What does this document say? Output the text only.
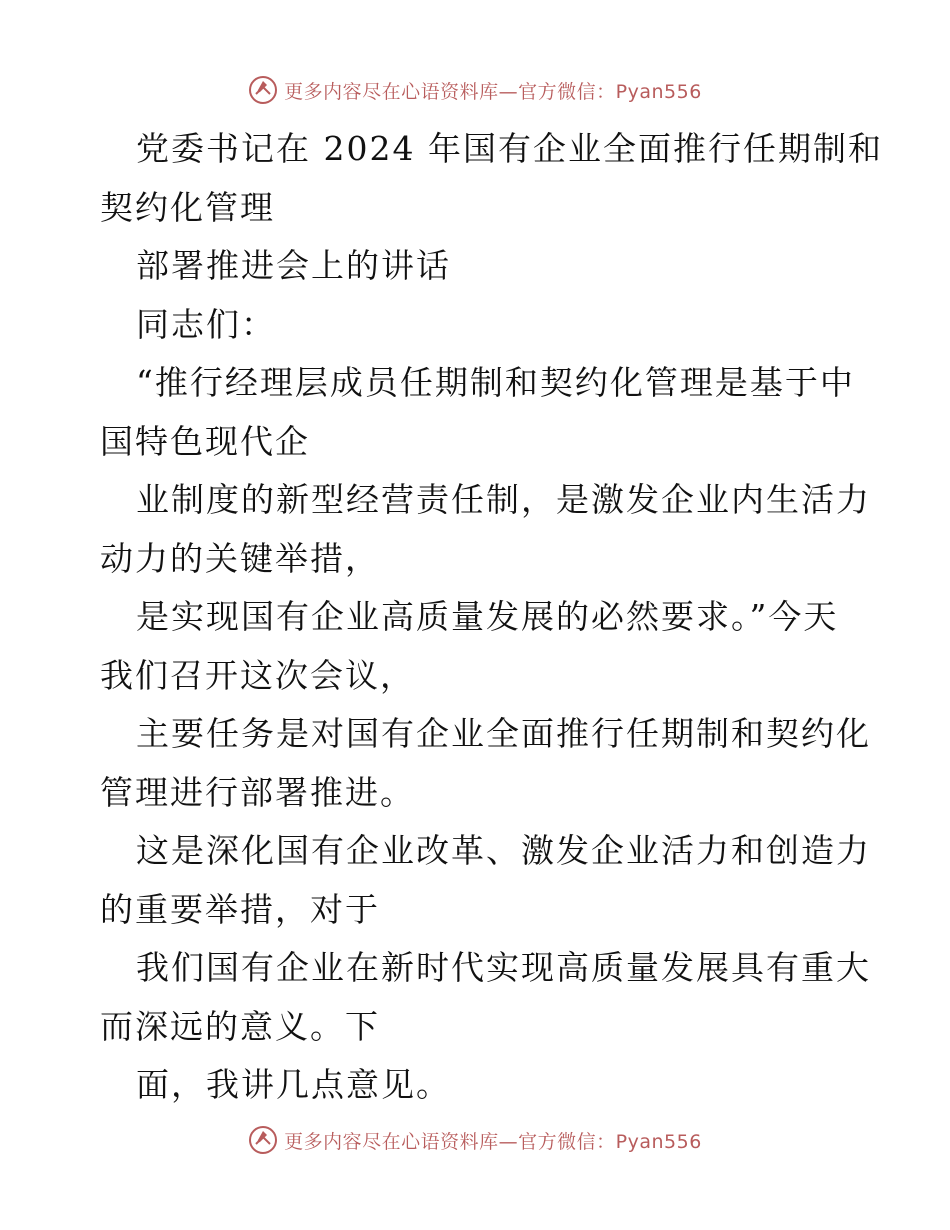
更多内容尽在心语资料库—官方微信：Pyan556
党委书记在 2024 年国有企业全面推行任期制和
契约化管理
部署推进会上的讲话
同志们：
“推行经理层成员任期制和契约化管理是基于中
国特色现代企
业制度的新型经营责任制，是激发企业内生活力
动力的关键举措，
是实现国有企业高质量发展的必然要求。”今天
我们召开这次会议，
主要任务是对国有企业全面推行任期制和契约化
管理进行部署推进。
这是深化国有企业改革、激发企业活力和创造力
的重要举措，对于
我们国有企业在新时代实现高质量发展具有重大
而深远的意义。下
面，我讲几点意见。
更多内容尽在心语资料库—官方微信：Pyan556
